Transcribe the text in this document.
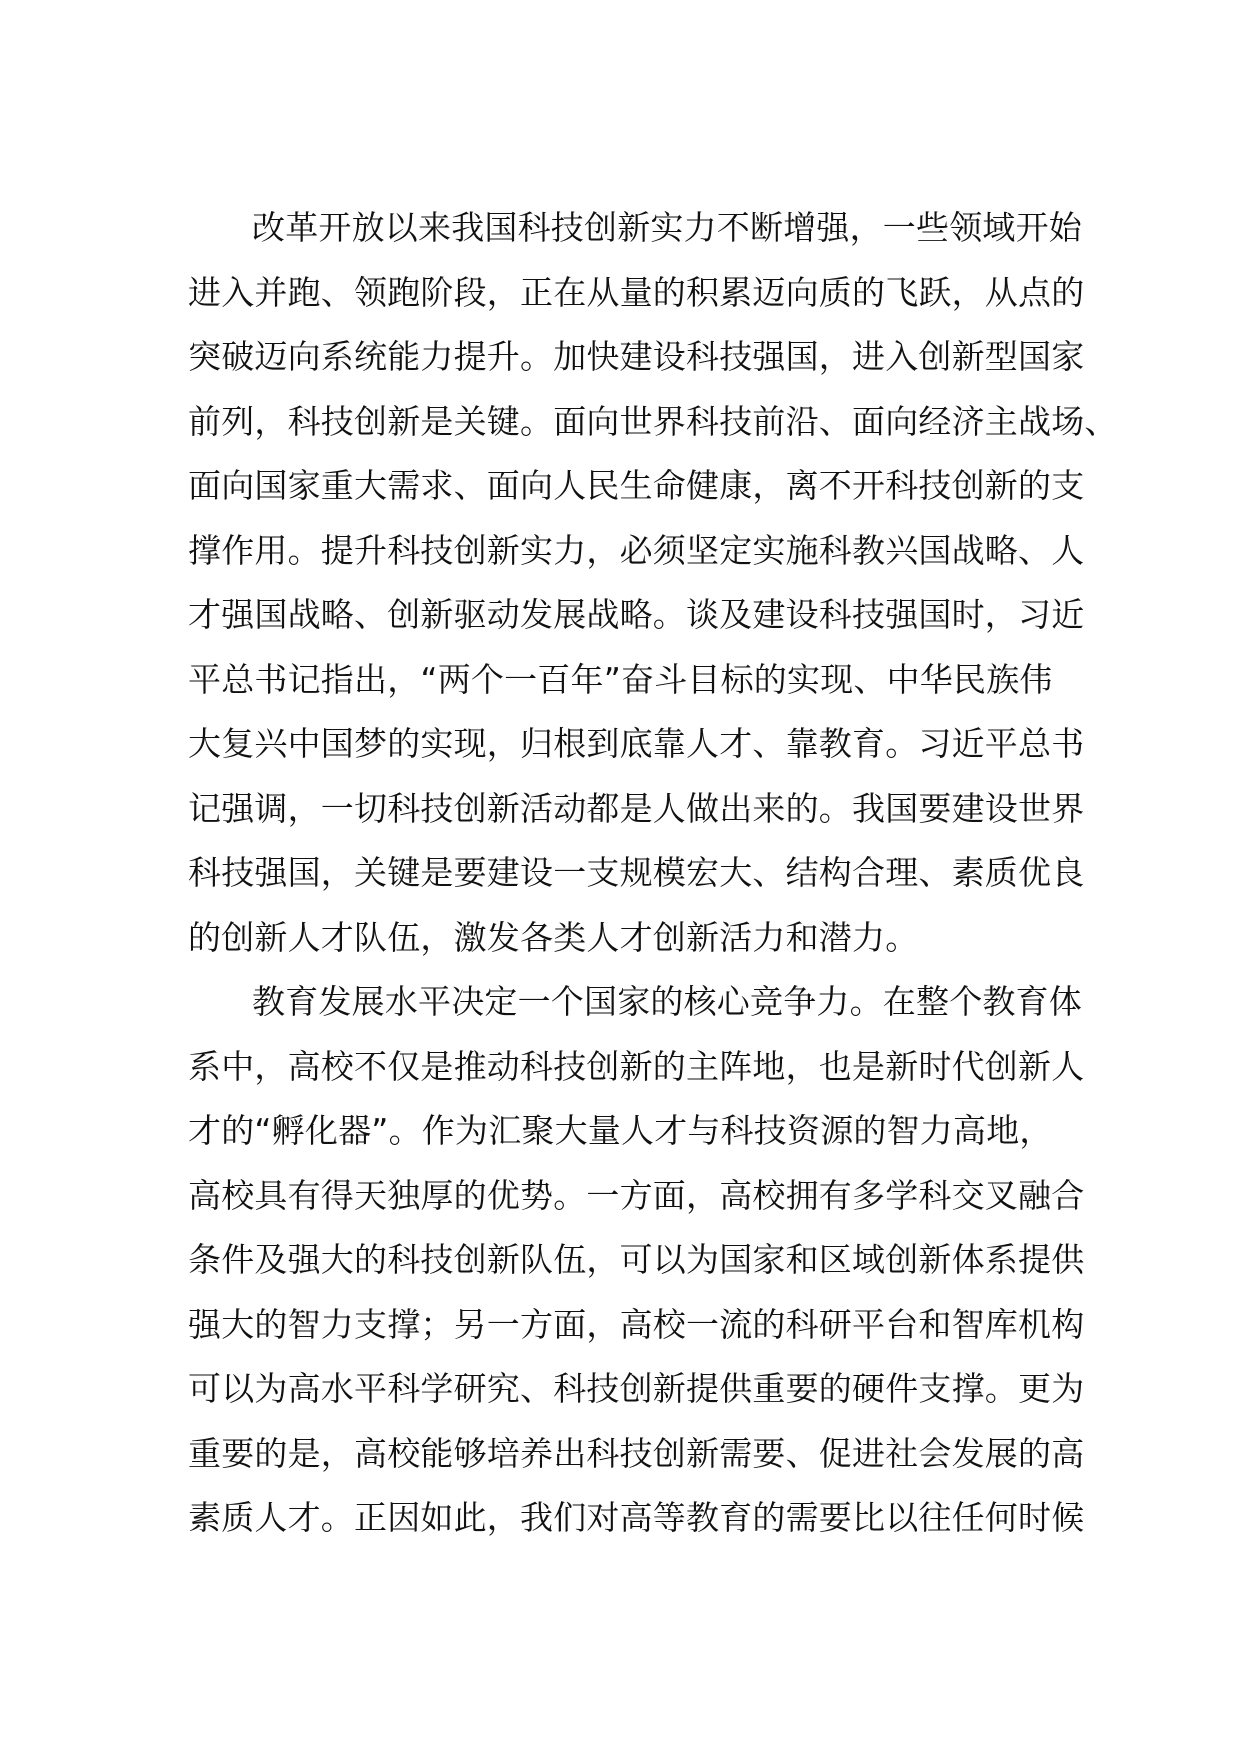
改革开放以来我国科技创新实力不断增强，一些领域开始
进入并跑、领跑阶段，正在从量的积累迈向质的飞跃，从点的
突破迈向系统能力提升。加快建设科技强国，进入创新型国家
前列，科技创新是关键。面向世界科技前沿、面向经济主战场、
面向国家重大需求、面向人民生命健康，离不开科技创新的支
撑作用。提升科技创新实力，必须坚定实施科教兴国战略、人
才强国战略、创新驱动发展战略。谈及建设科技强国时，习近
平总书记指出，“两个一百年”奋斗目标的实现、中华民族伟
大复兴中国梦的实现，归根到底靠人才、靠教育。习近平总书
记强调，一切科技创新活动都是人做出来的。我国要建设世界
科技强国，关键是要建设一支规模宏大、结构合理、素质优良
的创新人才队伍，激发各类人才创新活力和潜力。
教育发展水平决定一个国家的核心竞争力。在整个教育体
系中，高校不仅是推动科技创新的主阵地，也是新时代创新人
才的“孵化器”。作为汇聚大量人才与科技资源的智力高地，
高校具有得天独厚的优势。一方面，高校拥有多学科交叉融合
条件及强大的科技创新队伍，可以为国家和区域创新体系提供
强大的智力支撑；另一方面，高校一流的科研平台和智库机构
可以为高水平科学研究、科技创新提供重要的硬件支撑。更为
重要的是，高校能够培养出科技创新需要、促进社会发展的高
素质人才。正因如此，我们对高等教育的需要比以往任何时候
